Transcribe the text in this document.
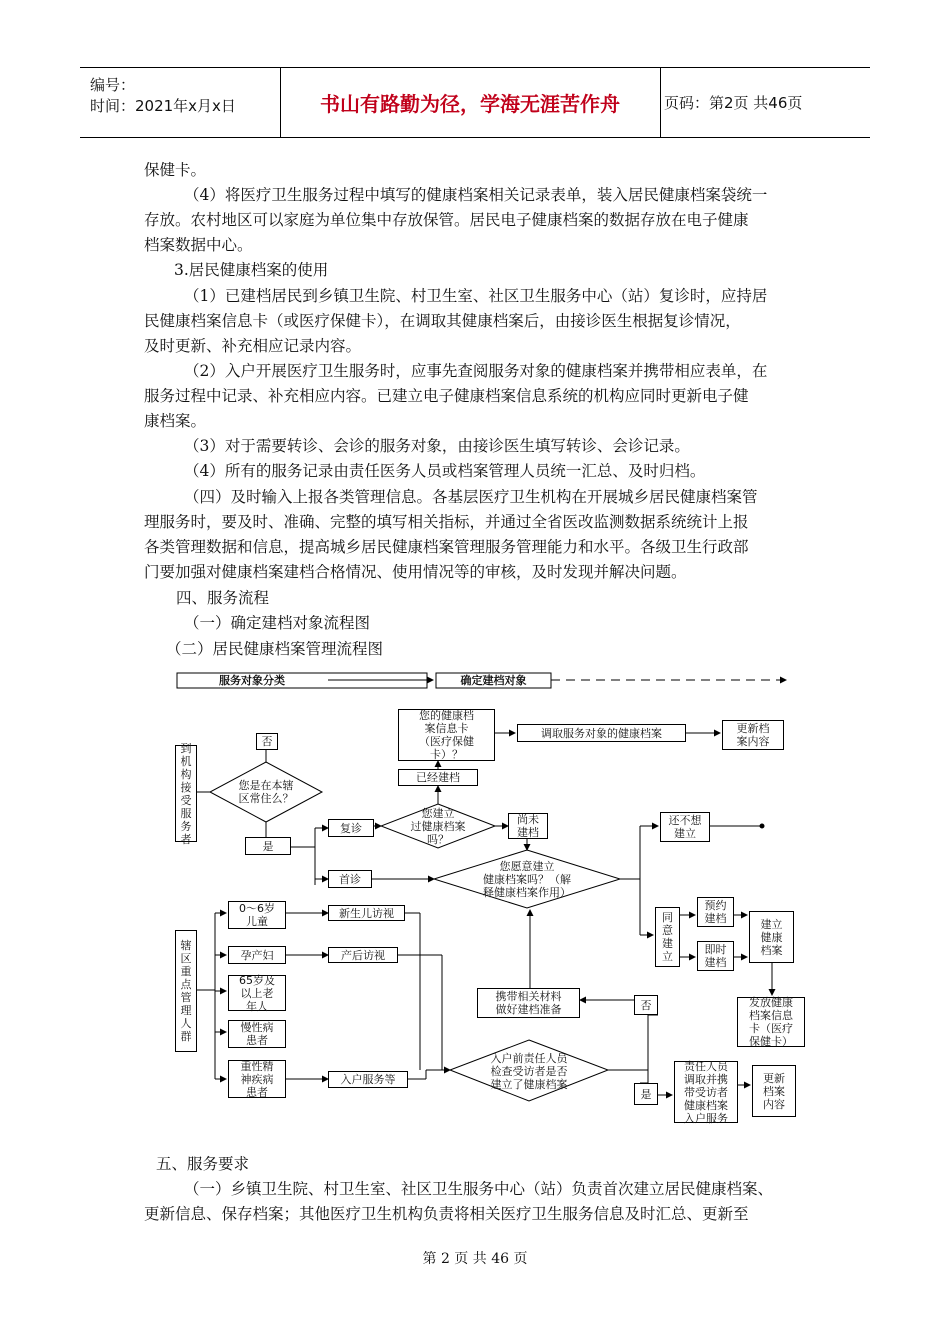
编号：
时间：2021年x月x日	书山有路勤为径，学海无涯苦作舟	页码：第2页 共46页
保健卡。
（4）将医疗卫生服务过程中填写的健康档案相关记录表单，装入居民健康档案袋统一
存放。农村地区可以家庭为单位集中存放保管。居民电子健康档案的数据存放在电子健康
档案数据中心。
3.居民健康档案的使用
（1）已建档居民到乡镇卫生院、村卫生室、社区卫生服务中心（站）复诊时，应持居
民健康档案信息卡（或医疗保健卡），在调取其健康档案后，由接诊医生根据复诊情况，
及时更新、补充相应记录内容。
（2）入户开展医疗卫生服务时，应事先查阅服务对象的健康档案并携带相应表单，在
服务过程中记录、补充相应内容。已建立电子健康档案信息系统的机构应同时更新电子健
康档案。
（3）对于需要转诊、会诊的服务对象，由接诊医生填写转诊、会诊记录。
（4）所有的服务记录由责任医务人员或档案管理人员统一汇总、及时归档。
（四）及时输入上报各类管理信息。各基层医疗卫生机构在开展城乡居民健康档案管
理服务时，要及时、准确、完整的填写相关指标，并通过全省医改监测数据系统统计上报
各类管理数据和信息，提高城乡居民健康档案管理服务管理能力和水平。各级卫生行政部
门要加强对健康档案建档合格情况、使用情况等的审核，及时发现并解决问题。
四、服务流程
（一）确定建档对象流程图
（二）居民健康档案管理流程图
服务对象分类	确定建档对象
到
机
构
接
受
服
务
者
否
您是在本辖
区常住么？
是
复诊
首诊
您建立
过健康档案
吗？
已经建档
您的健康档
案信息卡
（医疗保健
卡）？
调取服务对象的健康档案	更新档
案内容
尚未
建档
您愿意建立
健康档案吗？（解
释健康档案作用）
还不想
建立
同
意
建
立
预约
建档
即时
建档
建立
健康
档案
发放健康
档案信息
卡（医疗
保健卡）
辖
区
重
点
管
理
人
群
0～6岁
儿童
孕产妇
65岁及
以上老
年人
慢性病
患者
重性精
神疾病
患者
新生儿访视
产后访视
入户服务等
携带相关材料
做好建档准备	否
入户前责任人员
检查受访者是否
建立了健康档案
是
责任人员
调取并携
带受访者
健康档案
入户服务
更新
档案
内容
五、服务要求
（一）乡镇卫生院、村卫生室、社区卫生服务中心（站）负责首次建立居民健康档案、
更新信息、保存档案；其他医疗卫生机构负责将相关医疗卫生服务信息及时汇总、更新至
第 2 页 共 46 页
